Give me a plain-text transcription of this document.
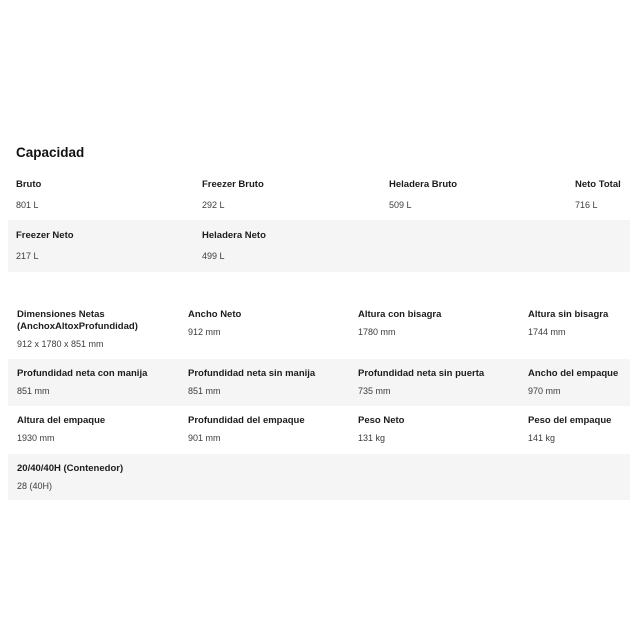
Capacidad
Bruto
801 L
Freezer Bruto
292 L
Heladera Bruto
509 L
Neto Total
716 L
Freezer Neto
217 L
Heladera Neto
499 L
Dimensiones Netas
(AnchoxAltoxProfundidad)
912 x 1780 x 851 mm
Ancho Neto
912 mm
Altura con bisagra
1780 mm
Altura sin bisagra
1744 mm
Profundidad neta con manija
851 mm
Profundidad neta sin manija
851 mm
Profundidad neta sin puerta
735 mm
Ancho del empaque
970 mm
Altura del empaque
1930 mm
Profundidad del empaque
901 mm
Peso Neto
131 kg
Peso del empaque
141 kg
20/40/40H (Contenedor)
28 (40H)
